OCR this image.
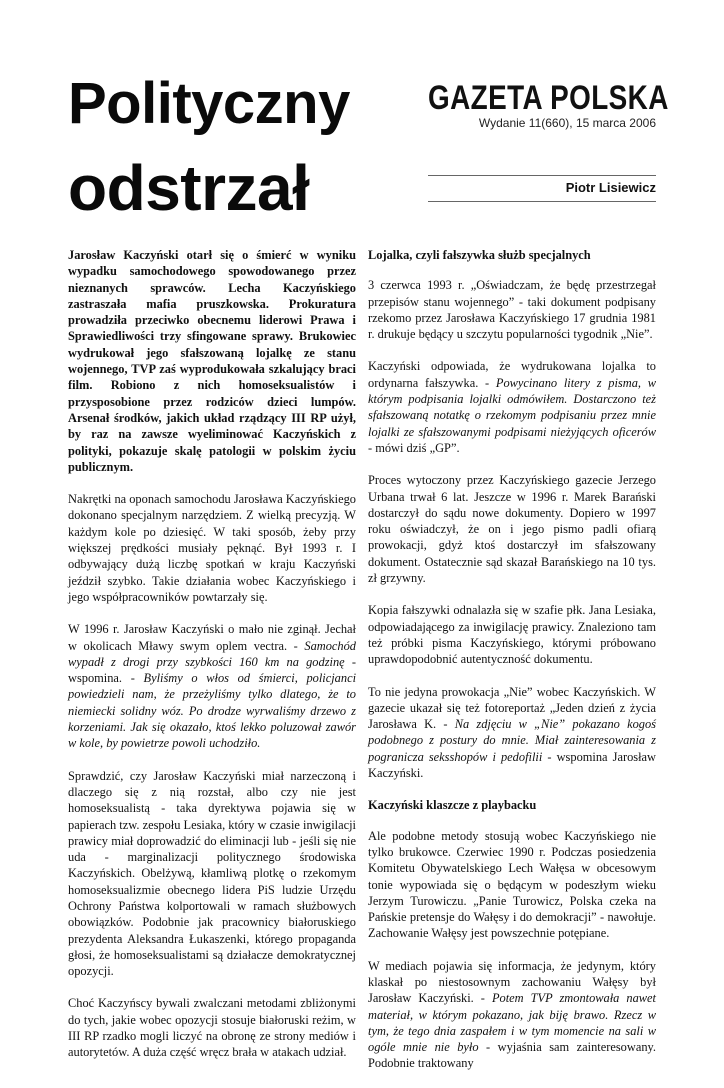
Polityczny
odstrzał
GAZETA POLSKA
Wydanie 11(660), 15 marca 2006
Piotr Lisiewicz

Jarosław Kaczyński otarł się o śmierć w wyniku wypadku samochodowego spowodowanego przez nieznanych sprawców. Lecha Kaczyńskiego zastraszała mafia pruszkowska. Prokuratura prowadziła przeciwko obecnemu liderowi Prawa i Sprawiedliwości trzy sfingowane sprawy. Brukowiec wydrukował jego sfałszowaną lojalkę ze stanu wojennego, TVP zaś wyprodukowała szkalujący braci film. Robiono z nich homoseksualistów i przysposobione przez rodziców dzieci lumpów. Arsenał środków, jakich układ rządzący III RP użył, by raz na zawsze wyeliminować Kaczyńskich z polityki, pokazuje skalę patologii w polskim życiu publicznym.

Nakrętki na oponach samochodu Jarosława Kaczyńskiego dokonano specjalnym narzędziem. Z wielką precyzją. W każdym kole po dziesięć. W taki sposób, żeby przy większej prędkości musiały pęknąć. Był 1993 r. I odbywający dużą liczbę spotkań w kraju Kaczyński jeździł szybko. Takie działania wobec Kaczyńskiego i jego współpracowników powtarzały się.

W 1996 r. Jarosław Kaczyński o mało nie zginął. Jechał w okolicach Mławy swym oplem vectra. - Samochód wypadł z drogi przy szybkości 160 km na godzinę - wspomina. - Byliśmy o włos od śmierci, policjanci powiedzieli nam, że przeżyliśmy tylko dlatego, że to niemiecki solidny wóz. Po drodze wyrwaliśmy drzewo z korzeniami. Jak się okazało, ktoś lekko poluzował zawór w kole, by powietrze powoli uchodziło.

Sprawdzić, czy Jarosław Kaczyński miał narzeczoną i dlaczego się z nią rozstał, albo czy nie jest homoseksualistą - taka dyrektywa pojawia się w papierach tzw. zespołu Lesiaka, który w czasie inwigilacji prawicy miał doprowadzić do eliminacji lub - jeśli się nie uda - marginalizacji politycznego środowiska Kaczyńskich. Obelżywą, kłamliwą plotkę o rzekomym homoseksualizmie obecnego lidera PiS ludzie Urzędu Ochrony Państwa kolportowali w ramach służbowych obowiązków. Podobnie jak pracownicy białoruskiego prezydenta Aleksandra Łukaszenki, którego propaganda głosi, że homoseksualistami są działacze demokratycznej opozycji.

Choć Kaczyńscy bywali zwalczani metodami zbliżonymi do tych, jakie wobec opozycji stosuje białoruski reżim, w III RP rzadko mogli liczyć na obronę ze strony mediów i autorytetów. A duża część wręcz brała w atakach udział.

Lojalka, czyli fałszywka służb specjalnych

3 czerwca 1993 r. „Oświadczam, że będę przestrzegał przepisów stanu wojennego” - taki dokument podpisany rzekomo przez Jarosława Kaczyńskiego 17 grudnia 1981 r. drukuje będący u szczytu popularności tygodnik „Nie”.

Kaczyński odpowiada, że wydrukowana lojalka to ordynarna fałszywka. - Powycinano litery z pisma, w którym podpisania lojalki odmówiłem. Dostarczono też sfałszowaną notatkę o rzekomym podpisaniu przez mnie lojalki ze sfałszowanymi podpisami nieżyjących oficerów - mówi dziś „GP”.

Proces wytoczony przez Kaczyńskiego gazecie Jerzego Urbana trwał 6 lat. Jeszcze w 1996 r. Marek Barański dostarczył do sądu nowe dokumenty. Dopiero w 1997 roku oświadczył, że on i jego pismo padli ofiarą prowokacji, gdyż ktoś dostarczył im sfałszowany dokument. Ostatecznie sąd skazał Barańskiego na 10 tys. zł grzywny.

Kopia fałszywki odnalazła się w szafie płk. Jana Lesiaka, odpowiadającego za inwigilację prawicy. Znaleziono tam też próbki pisma Kaczyńskiego, którymi próbowano uprawdopodobnić autentyczność dokumentu.

To nie jedyna prowokacja „Nie” wobec Kaczyńskich. W gazecie ukazał się też fotoreportaż „Jeden dzień z życia Jarosława K. - Na zdjęciu w „Nie” pokazano kogoś podobnego z postury do mnie. Miał zainteresowania z pogranicza seksshopów i pedofilii - wspomina Jarosław Kaczyński.

Kaczyński klaszcze z playbacku

Ale podobne metody stosują wobec Kaczyńskiego nie tylko brukowce. Czerwiec 1990 r. Podczas posiedzenia Komitetu Obywatelskiego Lech Wałęsa w obcesowym tonie wypowiada się o będącym w podeszłym wieku Jerzym Turowiczu. „Panie Turowicz, Polska czeka na Pańskie pretensje do Wałęsy i do demokracji” - nawołuje. Zachowanie Wałęsy jest powszechnie potępiane.

W mediach pojawia się informacja, że jedynym, który klaskał po niestosownym zachowaniu Wałęsy był Jarosław Kaczyński. - Potem TVP zmontowała nawet materiał, w którym pokazano, jak biję brawo. Rzecz w tym, że tego dnia zaspałem i w tym momencie na sali w ogóle mnie nie było - wyjaśnia sam zainteresowany. Podobnie traktowany
